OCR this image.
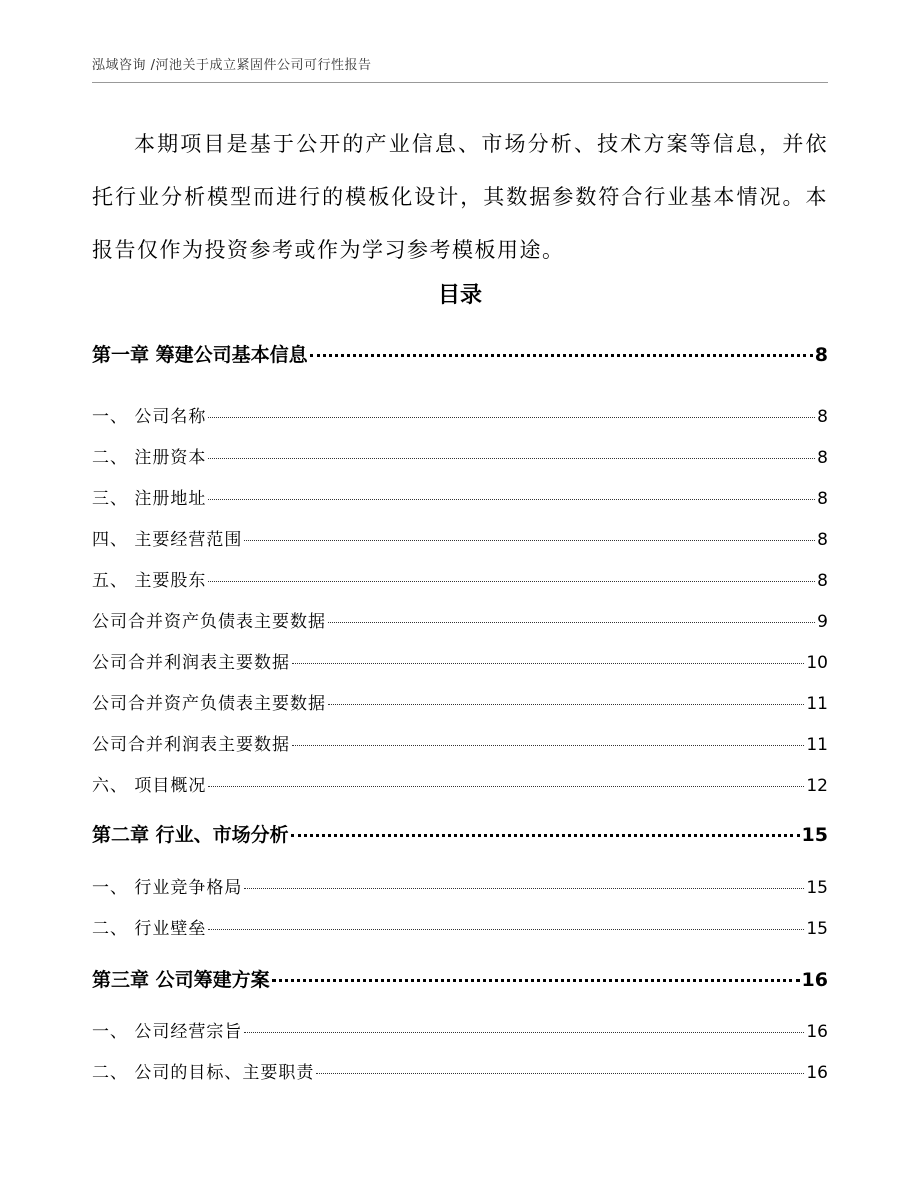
泓域咨询 /河池关于成立紧固件公司可行性报告
本期项目是基于公开的产业信息、市场分析、技术方案等信息，并依托行业分析模型而进行的模板化设计，其数据参数符合行业基本情况。本报告仅作为投资参考或作为学习参考模板用途。
目录
第一章 筹建公司基本信息	8
一、 公司名称	8
二、 注册资本	8
三、 注册地址	8
四、 主要经营范围	8
五、 主要股东	8
公司合并资产负债表主要数据	9
公司合并利润表主要数据	10
公司合并资产负债表主要数据	11
公司合并利润表主要数据	11
六、 项目概况	12
第二章 行业、市场分析	15
一、 行业竞争格局	15
二、 行业壁垒	15
第三章 公司筹建方案	16
一、 公司经营宗旨	16
二、 公司的目标、主要职责	16
